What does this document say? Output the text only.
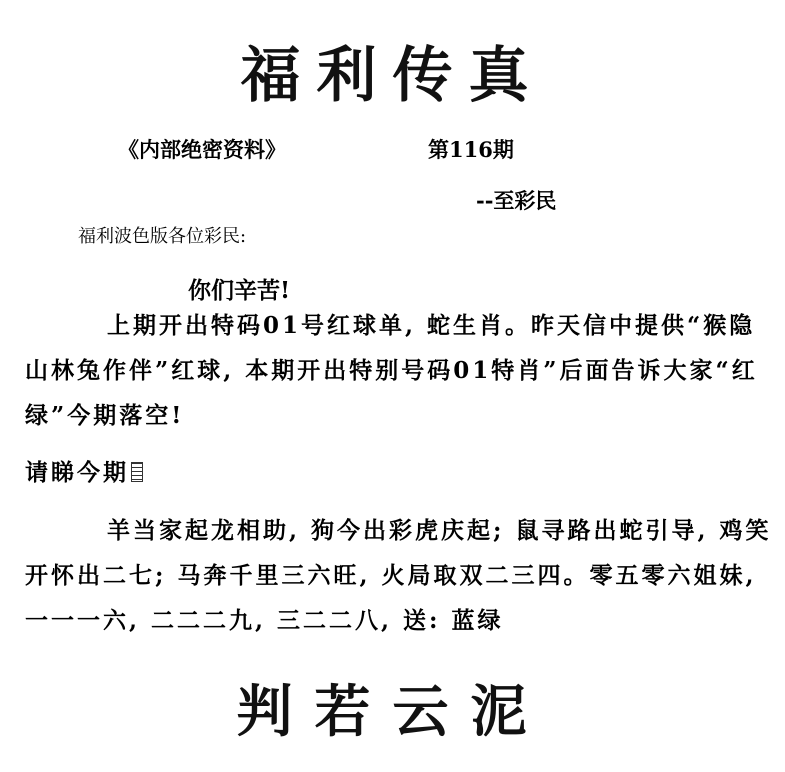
福利传真
《内部绝密资料》	第116期
--至彩民
福利波色版各位彩民:
你们辛苦!
上期开出特码01号红球单, 蛇生肖。昨天信中提供“猴隐山林兔作伴”红球, 本期开出特别号码01特肖”后面告诉大家“红绿”今期落空!
请睇今期
羊当家起龙相助, 狗今出彩虎庆起; 鼠寻路出蛇引导, 鸡笑开怀出二七; 马奔千里三六旺, 火局取双二三四。零五零六姐妹, 一一一六, 二二二九, 三二二八, 送: 蓝绿
判若云泥
